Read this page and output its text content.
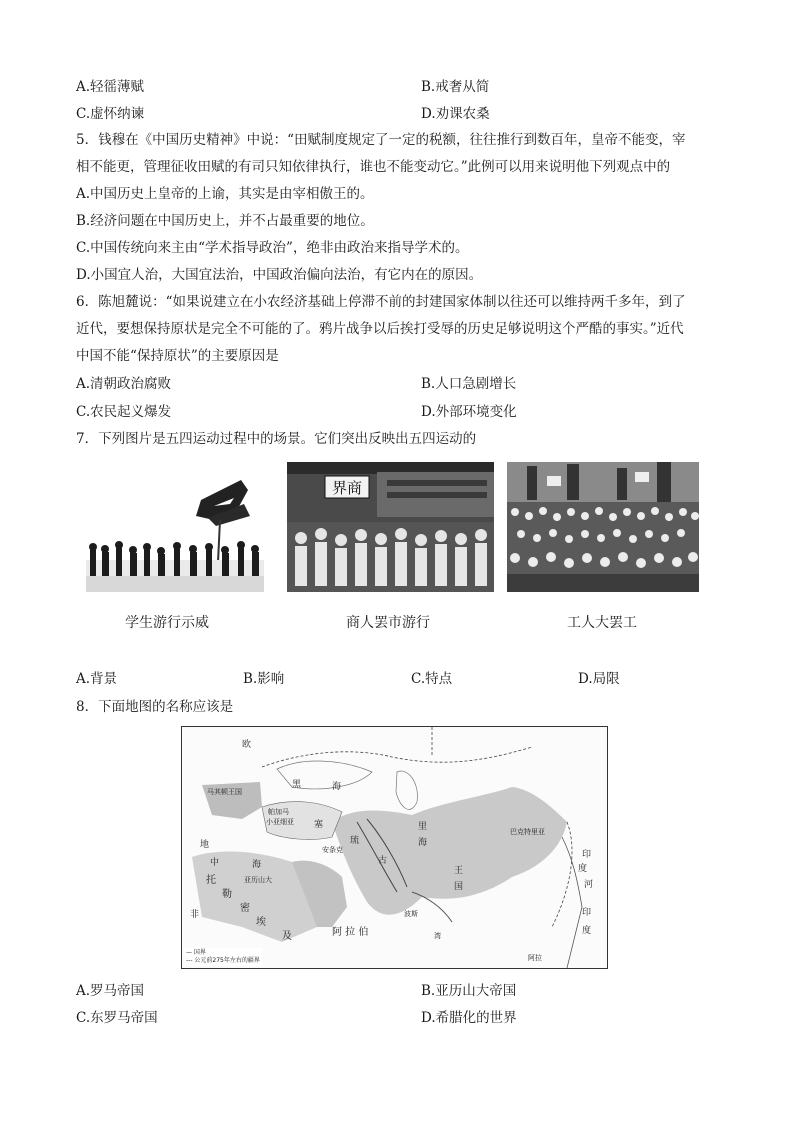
A.轻徭薄赋	B.戒奢从简
C.虚怀纳谏	D.劝课农桑
5．钱穆在《中国历史精神》中说：“田赋制度规定了一定的税额，往往推行到数百年，皇帝不能变，宰
相不能更，管理征收田赋的有司只知依律执行，谁也不能变动它。”此例可以用来说明他下列观点中的
A.中国历史上皇帝的上谕，其实是由宰相傲王的。
B.经济问题在中国历史上，并不占最重要的地位。
C.中国传统向来主由“学术指导政治”，绝非由政治来指导学术的。
D.小国宜人治，大国宜法治，中国政治偏向法治，有它内在的原因。
6．陈旭麓说：“如果说建立在小农经济基础上停滞不前的封建国家体制以往还可以维持两千多年，到了
近代，要想保持原状是完全不可能的了。鸦片战争以后挨打受辱的历史足够说明这个严酷的事实。”近代
中国不能“保持原状”的主要原因是
A.清朝政治腐败	B.人口急剧增长
C.农民起义爆发	D.外部环境变化
7．下列图片是五四运动过程中的场景。它们突出反映出五四运动的
界商
学生游行示威	商人罢市游行	工人大罢工
A.背景	B.影响	C.特点	D.局限
8．下面地图的名称应该是
欧
黑	海
马其顿王国
帕加马
小亚细亚 塞
琉
安条克
古
里
海
巴克特里亚
王
国
地
中	海
亚历山大
托
勒
密
埃
及
非
阿 拉 伯
波斯
湾
印
度
河
印
度
阿拉
— 国界
--- 公元前275年左右的疆界
A.罗马帝国	B.亚历山大帝国
C.东罗马帝国	D.希腊化的世界
